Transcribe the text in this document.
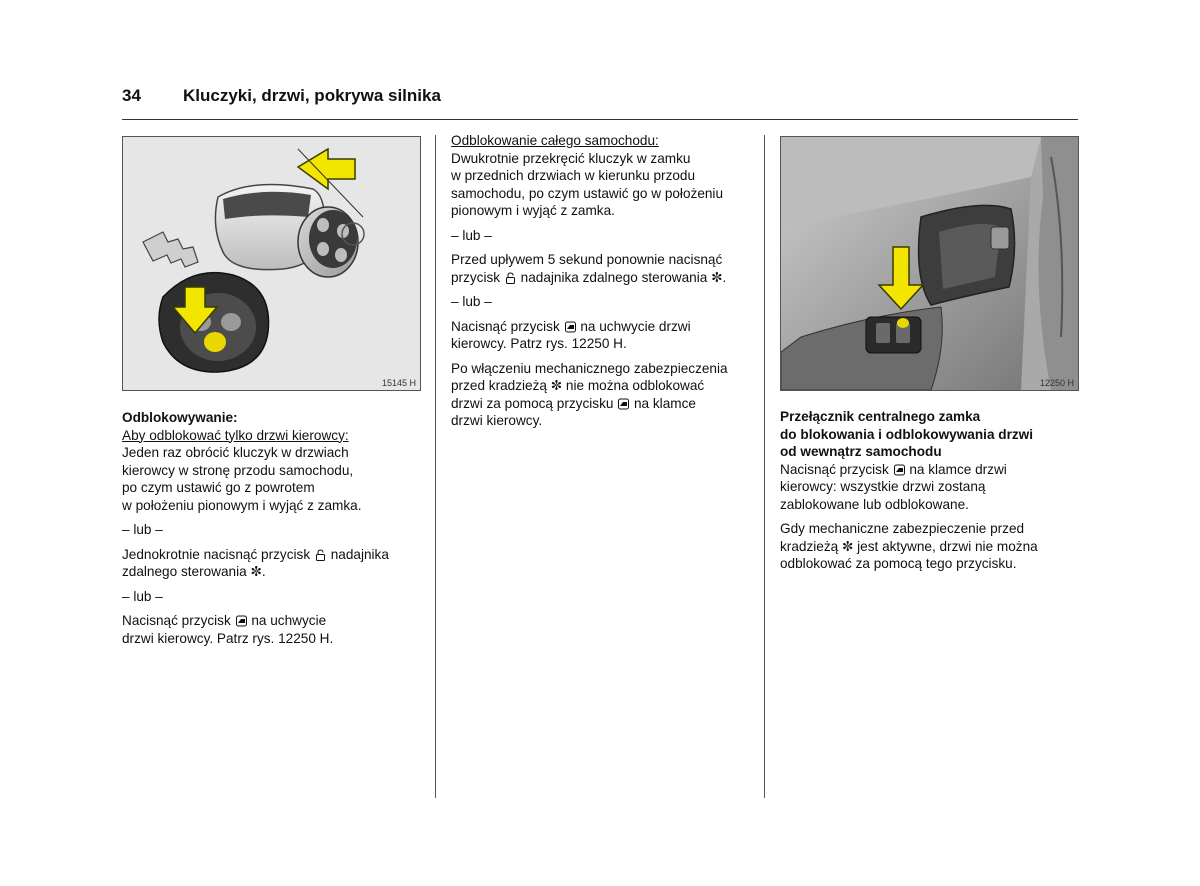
34 Kluczyki, drzwi, pokrywa silnika
15145 H	12250 H
Odblokowywanie:
Aby odblokować tylko drzwi kierowcy:

Jeden raz obrócić kluczyk w drzwiach
kierowcy w stronę przodu samochodu,
po czym ustawić go z powrotem
w położeniu pionowym i wyjąć z zamka.

– lub –

Jednokrotnie nacisnąć przycisk nadajnika
zdalnego sterowania ✼.

– lub –

Nacisnąć przycisk na uchwycie
drzwi kierowcy. Patrz rys. 12250 H.

Odblokowanie całego samochodu:

Dwukrotnie przekręcić kluczyk w zamku
w przednich drzwiach w kierunku przodu
samochodu, po czym ustawić go w położeniu
pionowym i wyjąć z zamka.

– lub –

Przed upływem 5 sekund ponownie nacisnąć
przycisk nadajnika zdalnego sterowania ✼.

– lub –

Nacisnąć przycisk na uchwycie drzwi
kierowcy. Patrz rys. 12250 H.

Po włączeniu mechanicznego zabezpieczenia
przed kradzieżą ✼ nie można odblokować
drzwi za pomocą przycisku na klamce
drzwi kierowcy.	Przełącznik centralnego zamka
do blokowania i odblokowywania drzwi
od wewnątrz samochodu

Nacisnąć przycisk na klamce drzwi
kierowcy: wszystkie drzwi zostaną
zablokowane lub odblokowane.

Gdy mechaniczne zabezpieczenie przed
kradzieżą ✼ jest aktywne, drzwi nie można
odblokować za pomocą tego przycisku.
